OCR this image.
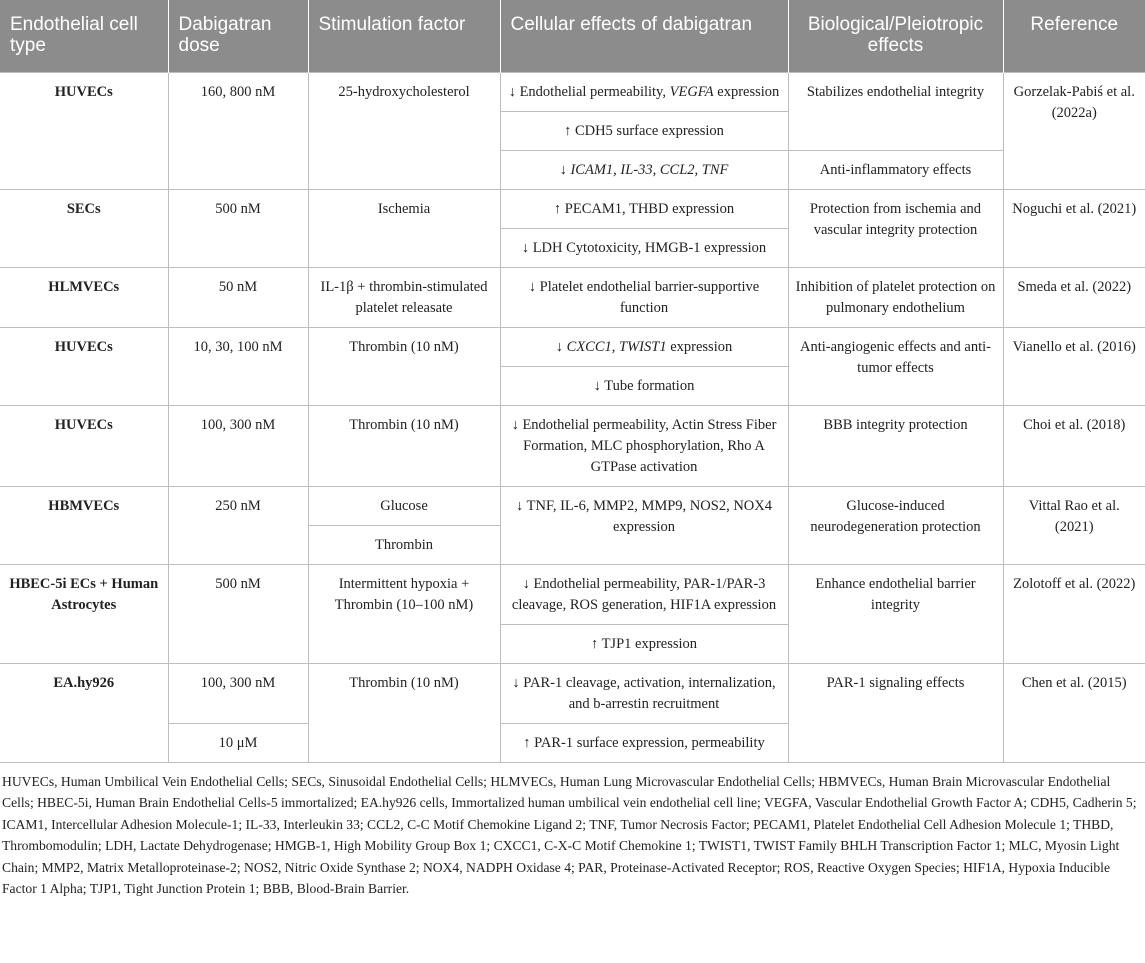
Endothelial cell type	Dabigatran dose	Stimulation factor	Cellular effects of dabigatran	Biological/Pleiotropic effects	Reference
HUVECs	160, 800 nM	25-hydroxycholesterol	↓ Endothelial permeability, VEGFA expression	Stabilizes endothelial integrity	Gorzelak-Pabiś et al. (2022a)
			↑ CDH5 surface expression		
			↓ ICAM1, IL-33, CCL2, TNF	Anti-inflammatory effects	
SECs	500 nM	Ischemia	↑ PECAM1, THBD expression	Protection from ischemia and vascular integrity protection	Noguchi et al. (2021)
			↓ LDH Cytotoxicity, HMGB-1 expression		
HLMVECs	50 nM	IL-1β + thrombin-stimulated platelet releasate	↓ Platelet endothelial barrier-supportive function	Inhibition of platelet protection on pulmonary endothelium	Smeda et al. (2022)
HUVECs	10, 30, 100 nM	Thrombin (10 nM)	↓ CXCC1, TWIST1 expression	Anti-angiogenic effects and anti-tumor effects	Vianello et al. (2016)
			↓ Tube formation		
HUVECs	100, 300 nM	Thrombin (10 nM)	↓ Endothelial permeability, Actin Stress Fiber Formation, MLC phosphorylation, Rho A GTPase activation	BBB integrity protection	Choi et al. (2018)
HBMVECs	250 nM	Glucose	↓ TNF, IL-6, MMP2, MMP9, NOS2, NOX4 expression	Glucose-induced neurodegeneration protection	Vittal Rao et al. (2021)
		Thrombin			
HBEC-5i ECs + Human Astrocytes	500 nM	Intermittent hypoxia + Thrombin (10–100 nM)	↓ Endothelial permeability, PAR-1/PAR-3 cleavage, ROS generation, HIF1A expression	Enhance endothelial barrier integrity	Zolotoff et al. (2022)
			↑ TJP1 expression		
EA.hy926	100, 300 nM	Thrombin (10 nM)	↓ PAR-1 cleavage, activation, internalization, and b-arrestin recruitment	PAR-1 signaling effects	Chen et al. (2015)
	10 μM		↑ PAR-1 surface expression, permeability		

HUVECs, Human Umbilical Vein Endothelial Cells; SECs, Sinusoidal Endothelial Cells; HLMVECs, Human Lung Microvascular Endothelial Cells; HBMVECs, Human Brain Microvascular Endothelial Cells; HBEC-5i, Human Brain Endothelial Cells-5 immortalized; EA.hy926 cells, Immortalized human umbilical vein endothelial cell line; VEGFA, Vascular Endothelial Growth Factor A; CDH5, Cadherin 5; ICAM1, Intercellular Adhesion Molecule-1; IL-33, Interleukin 33; CCL2, C-C Motif Chemokine Ligand 2; TNF, Tumor Necrosis Factor; PECAM1, Platelet Endothelial Cell Adhesion Molecule 1; THBD, Thrombomodulin; LDH, Lactate Dehydrogenase; HMGB-1, High Mobility Group Box 1; CXCC1, C-X-C Motif Chemokine 1; TWIST1, TWIST Family BHLH Transcription Factor 1; MLC, Myosin Light Chain; MMP2, Matrix Metalloproteinase-2; NOS2, Nitric Oxide Synthase 2; NOX4, NADPH Oxidase 4; PAR, Proteinase-Activated Receptor; ROS, Reactive Oxygen Species; HIF1A, Hypoxia Inducible Factor 1 Alpha; TJP1, Tight Junction Protein 1; BBB, Blood-Brain Barrier.
